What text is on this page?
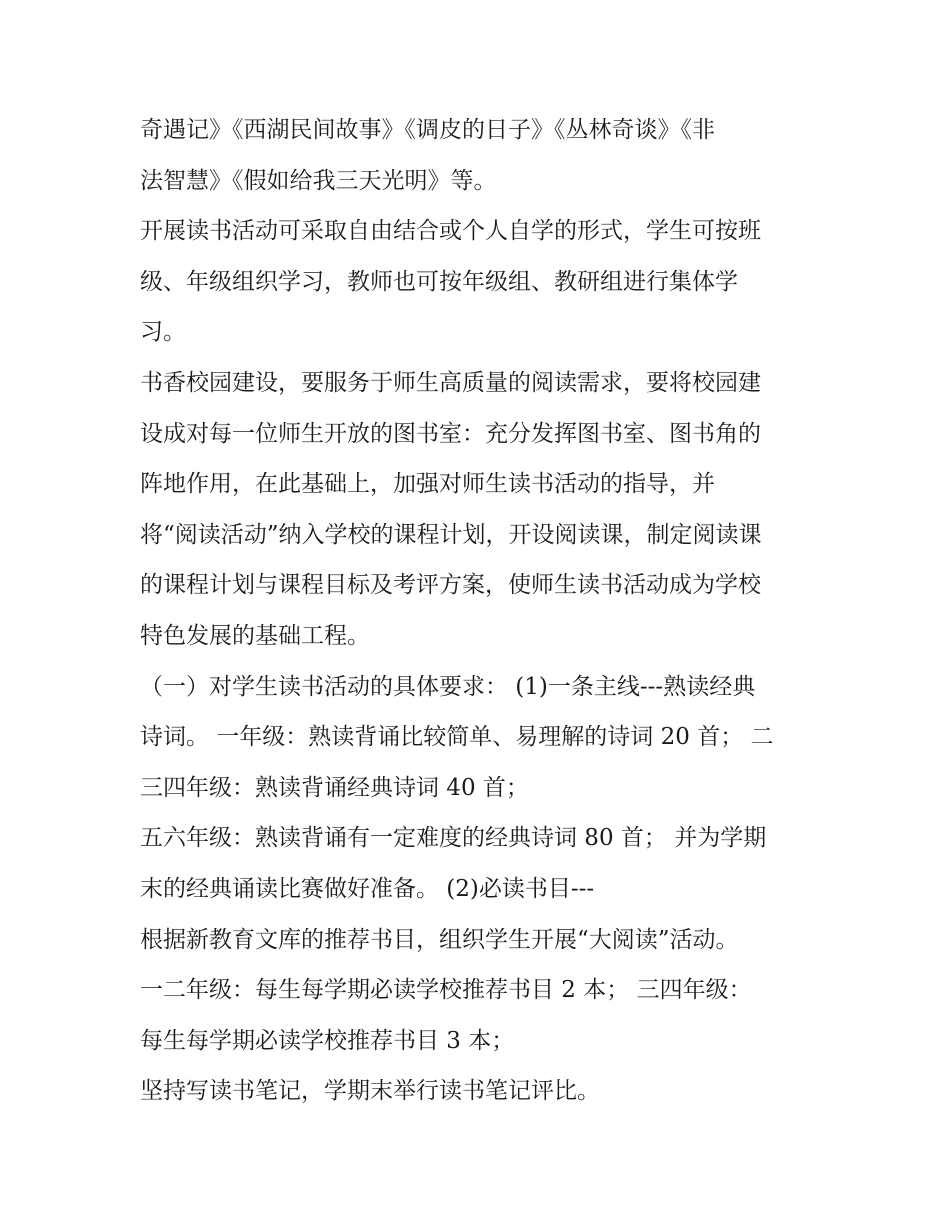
奇遇记》《西湖民间故事》《调皮的日子》《丛林奇谈》《非
法智慧》《假如给我三天光明》等。
开展读书活动可采取自由结合或个人自学的形式，学生可按班
级、年级组织学习，教师也可按年级组、教研组进行集体学
习。
书香校园建设，要服务于师生高质量的阅读需求，要将校园建
设成对每一位师生开放的图书室：充分发挥图书室、图书角的
阵地作用，在此基础上，加强对师生读书活动的指导，并
将“阅读活动”纳入学校的课程计划，开设阅读课，制定阅读课
的课程计划与课程目标及考评方案，使师生读书活动成为学校
特色发展的基础工程。
（一）对学生读书活动的具体要求： (1)一条主线---熟读经典
诗词。 一年级：熟读背诵比较简单、易理解的诗词 20 首； 二
三四年级：熟读背诵经典诗词 40 首；
五六年级：熟读背诵有一定难度的经典诗词 80 首； 并为学期
末的经典诵读比赛做好准备。 (2)必读书目---
根据新教育文库的推荐书目，组织学生开展“大阅读”活动。
一二年级：每生每学期必读学校推荐书目 2 本； 三四年级：
每生每学期必读学校推荐书目 3 本；
坚持写读书笔记，学期末举行读书笔记评比。
